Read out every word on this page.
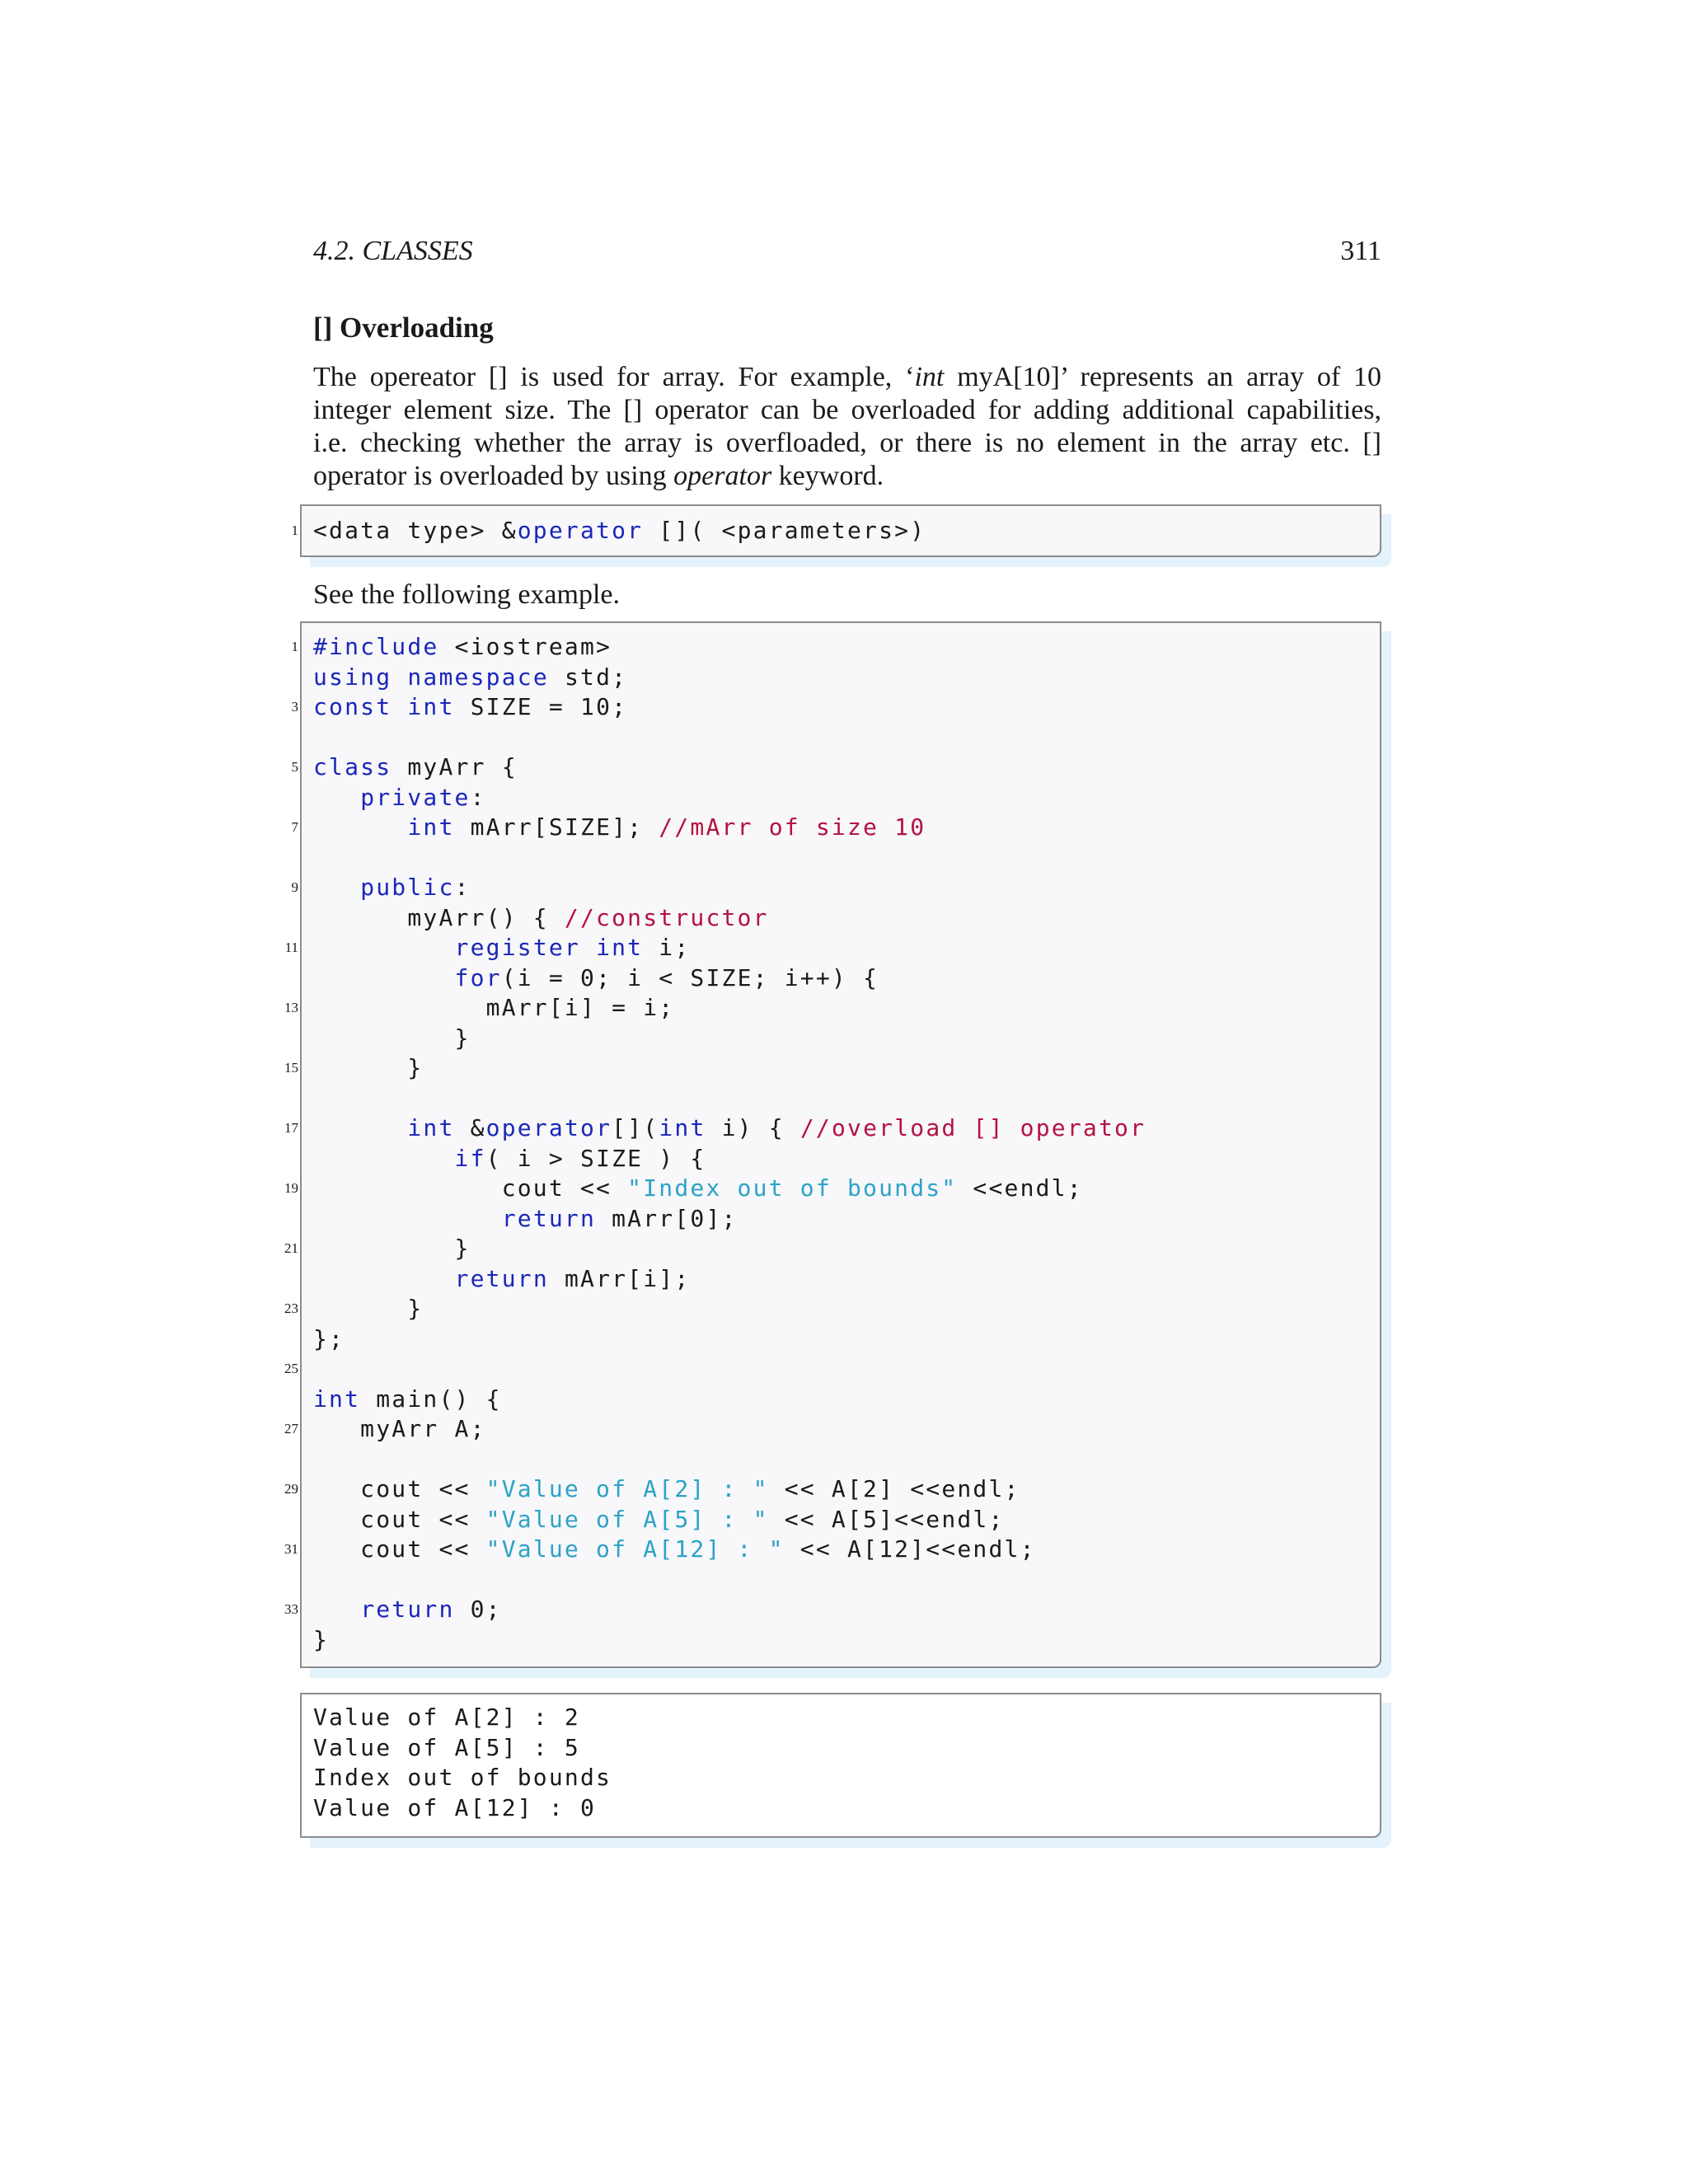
4.2. CLASSES	311
[] Overloading
The opereator [] is used for array. For example, ‘int myA[10]’ represents an array of 10
integer element size. The [] operator can be overloaded for adding additional capabilities,
i.e. checking whether the array is overfloaded, or there is no element in the array etc. []
operator is overloaded by using operator keyword.
1 <data type> &operator []( <parameters>)
See the following example.
1 #include <iostream>
using namespace std;
3 const int SIZE = 10;
5 class myArr {
private:
7	int mArr[SIZE]; //mArr of size 10
9	public:
myArr() { //constructor
11	register int i;
for(i = 0; i < SIZE; i++) {
13 mArr[i] = i;
}
15 }
17	int &operator[](int i) { //overload [] operator
if( i > SIZE ) {
19 cout << "Index out of bounds" <<endl;
return mArr[0];
21 }
return mArr[i];
23 }
};
25
int main() {
27 myArr A;
29 cout << "Value of A[2] : " << A[2] <<endl;
cout << "Value of A[5] : " << A[5]<<endl;
31 cout << "Value of A[12] : " << A[12]<<endl;
33	return 0;
}
Value of A[2] : 2
Value of A[5] : 5
Index out of bounds
Value of A[12] : 0
